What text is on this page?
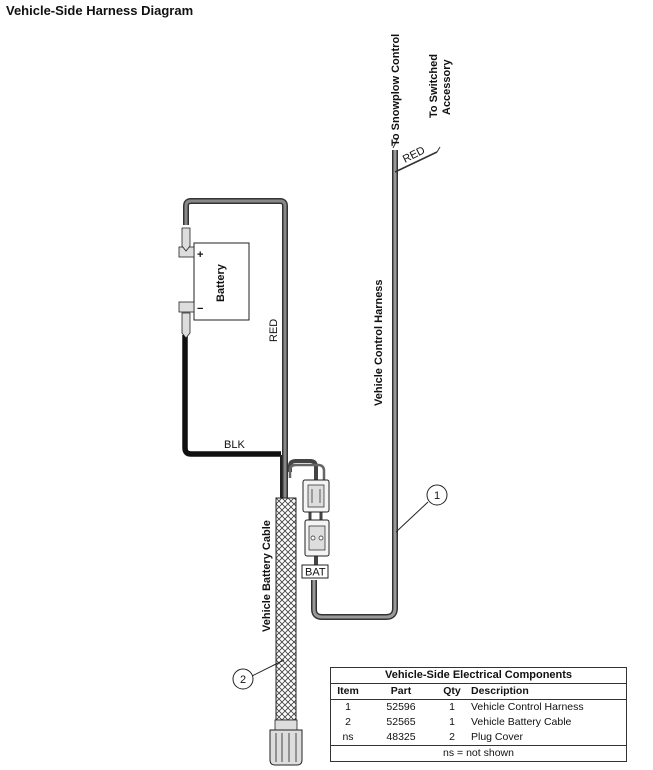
+
−
Battery
BAT
1
2
To Snowplow Control To Switched Accessory
RED
RED
BLK
Vehicle Control Harness
Vehicle Battery Cable
Vehicle-Side Harness Diagram
Vehicle-Side Electrical Components			
Item	Part	Qty	Description
1	52596	1	Vehicle Control Harness
2	52565	1	Vehicle Battery Cable
ns	48325	2	Plug Cover
ns = not shown			
